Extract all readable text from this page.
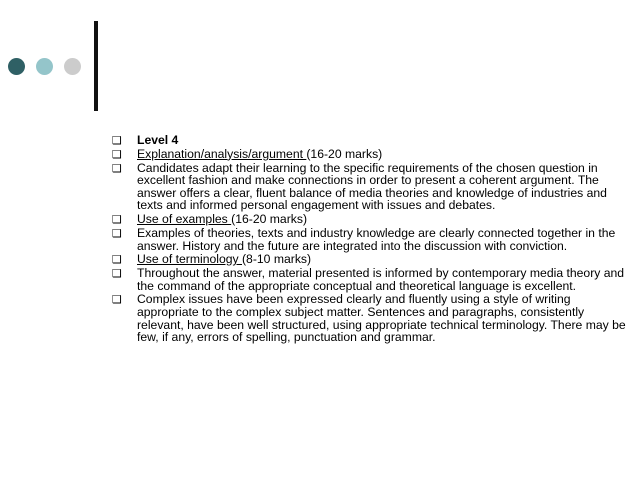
❑ Level 4
❑ Explanation/analysis/argument (16-20 marks)
❑ Candidates adapt their learning to the specific requirements of the chosen question in excellent fashion and make connections in order to present a coherent argument. The answer offers a clear, fluent balance of media theories and knowledge of industries and texts and informed personal engagement with issues and debates.
❑ Use of examples (16-20 marks)
❑ Examples of theories, texts and industry knowledge are clearly connected together in the answer. History and the future are integrated into the discussion with conviction.
❑ Use of terminology (8-10 marks)
❑ Throughout the answer, material presented is informed by contemporary media theory and the command of the appropriate conceptual and theoretical language is excellent.
❑ Complex issues have been expressed clearly and fluently using a style of writing appropriate to the complex subject matter. Sentences and paragraphs, consistently relevant, have been well structured, using appropriate technical terminology. There may be few, if any, errors of spelling, punctuation and grammar.
